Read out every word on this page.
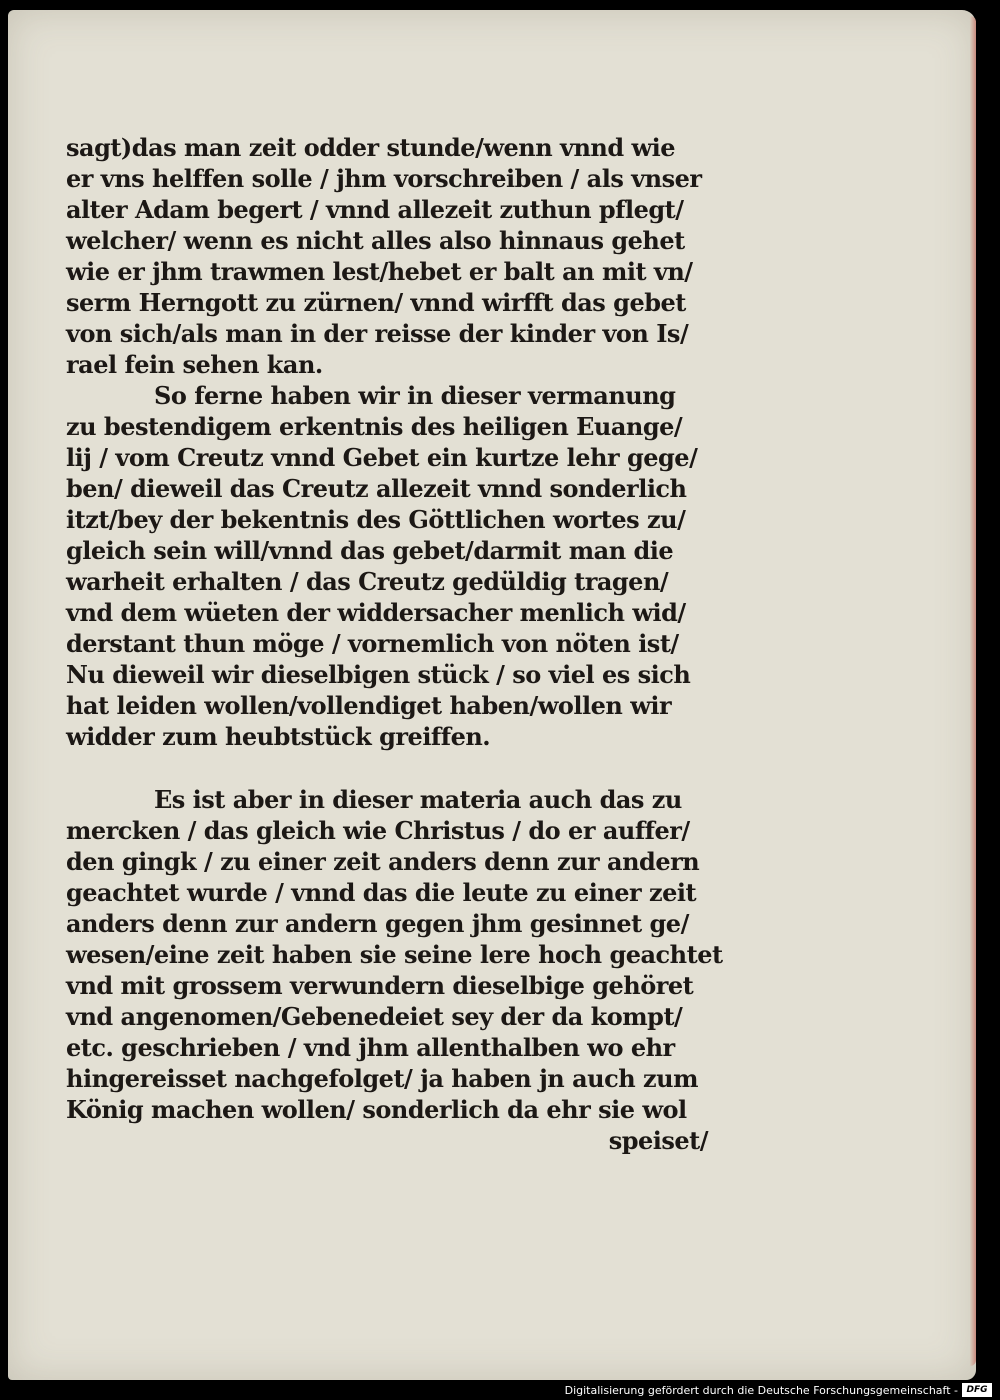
sagt)das man zeit odder stunde/wenn vnnd wie
er vns helffen solle / jhm vorschreiben / als vnser
alter Adam begert / vnnd allezeit zuthun pflegt/
welcher/ wenn es nicht alles also hinnaus gehet
wie er jhm trawmen lest/hebet er balt an mit vn/
serm Herngott zu zürnen/ vnnd wirfft das gebet
von sich/als man in der reisse der kinder von Is/
rael fein sehen kan.
So ferne haben wir in dieser vermanung
zu bestendigem erkentnis des heiligen Euange/
lij / vom Creutz vnnd Gebet ein kurtze lehr gege/
ben/ dieweil das Creutz allezeit vnnd sonderlich
itzt/bey der bekentnis des Göttlichen wortes zu/
gleich sein will/vnnd das gebet/darmit man die
warheit erhalten / das Creutz gedüldig tragen/
vnd dem wüeten der widdersacher menlich wid/
derstant thun möge / vornemlich von nöten ist/
Nu dieweil wir dieselbigen stück / so viel es sich
hat leiden wollen/vollendiget haben/wollen wir
widder zum heubtstück greiffen.
Es ist aber in dieser materia auch das zu
mercken / das gleich wie Christus / do er auffer/
den gingk / zu einer zeit anders denn zur andern
geachtet wurde / vnnd das die leute zu einer zeit
anders denn zur andern gegen jhm gesinnet ge/
wesen/eine zeit haben sie seine lere hoch geachtet
vnd mit grossem verwundern dieselbige gehöret
vnd angenomen/Gebenedeiet sey der da kompt/
etc. geschrieben / vnd jhm allenthalben wo ehr
hingereisset nachgefolget/ ja haben jn auch zum
König machen wollen/ sonderlich da ehr sie wol
speiset/
Digitalisierung gefördert durch die Deutsche Forschungsgemeinschaft - DFG
